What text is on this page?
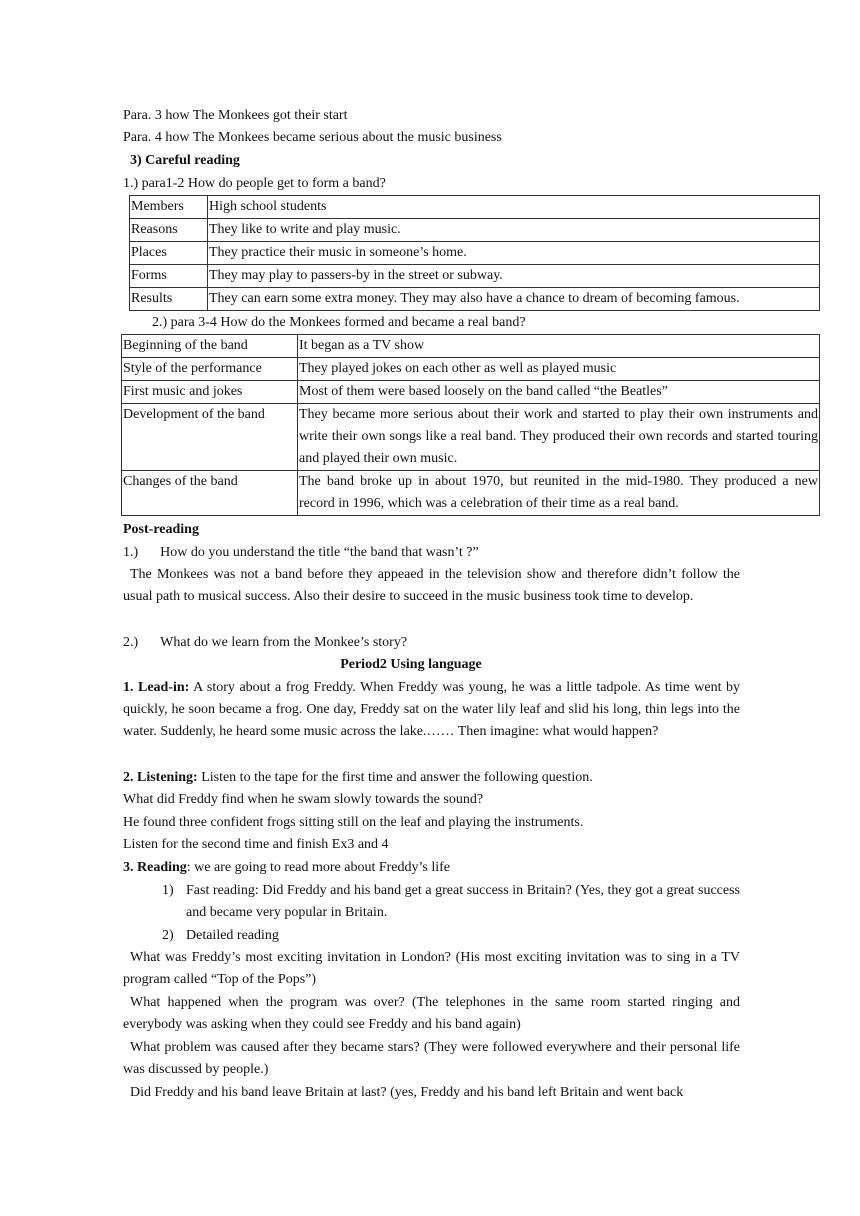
Para. 3 how The Monkees got their start
Para. 4 how The Monkees became serious about the music business
3) Careful reading
1.) para1-2 How do people get to form a band?
Members	High school students
Reasons	They like to write and play music.
Places	They practice their music in someone’s home.
Forms	They may play to passers-by in the street or subway.
Results	They can earn some extra money. They may also have a chance to dream of becoming famous.
2.) para 3-4 How do the Monkees formed and became a real band?
Beginning of the band	It began as a TV show
Style of the performance	They played jokes on each other as well as played music
First music and jokes	Most of them were based loosely on the band called “the Beatles”
Development of the band	They became more serious about their work and started to play their own instruments and write their own songs like a real band. They produced their own records and started touring and played their own music.
Changes of the band	The band broke up in about 1970, but reunited in the mid-1980. They produced a new record in 1996, which was a celebration of their time as a real band.
Post-reading
1.) How do you understand the title “the band that wasn’t ?”
The Monkees was not a band before they appeaed in the television show and therefore didn’t follow the usual path to musical success. Also their desire to succeed in the music business took time to develop.
2.) What do we learn from the Monkee’s story?
Period2 Using language
1. Lead-in: A story about a frog Freddy. When Freddy was young, he was a little tadpole. As time went by quickly, he soon became a frog. One day, Freddy sat on the water lily leaf and slid his long, thin legs into the water. Suddenly, he heard some music across the lake.…… Then imagine: what would happen?
2. Listening: Listen to the tape for the first time and answer the following question.
What did Freddy find when he swam slowly towards the sound?
He found three confident frogs sitting still on the leaf and playing the instruments.
Listen for the second time and finish Ex3 and 4
3. Reading: we are going to read more about Freddy’s life
1) Fast reading: Did Freddy and his band get a great success in Britain? (Yes, they got a great success and became very popular in Britain.
2) Detailed reading
What was Freddy’s most exciting invitation in London? (His most exciting invitation was to sing in a TV program called “Top of the Pops”)
What happened when the program was over? (The telephones in the same room started ringing and everybody was asking when they could see Freddy and his band again)
What problem was caused after they became stars? (They were followed everywhere and their personal life was discussed by people.)
Did Freddy and his band leave Britain at last? (yes, Freddy and his band left Britain and went back
